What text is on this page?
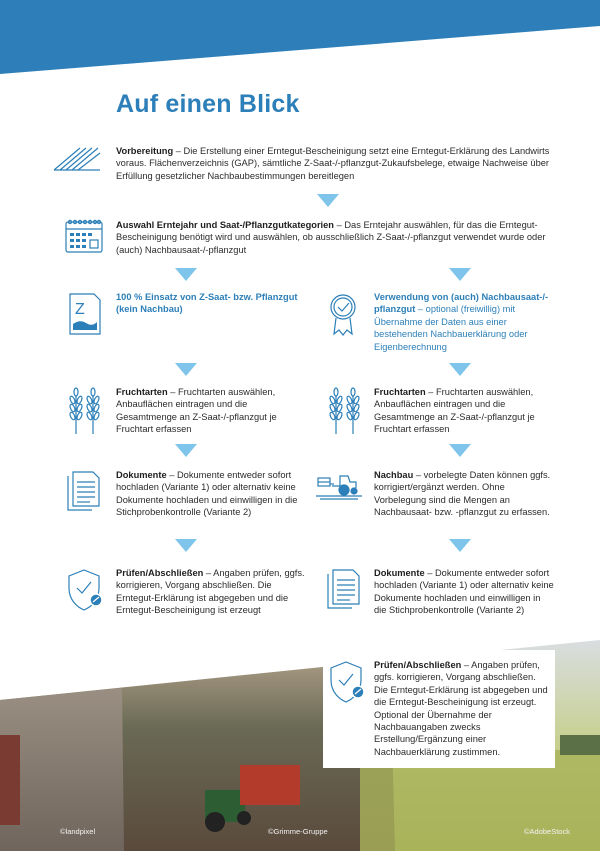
Auf einen Blick
Vorbereitung – Die Erstellung einer Erntegut-Bescheinigung setzt eine Erntegut-Erklärung des Landwirts voraus. Flächenverzeichnis (GAP), sämtliche Z-Saat-/-pflanzgut-Zukaufsbelege, etwaige Nachweise über Erfüllung gesetzlicher Nachbaubestimmungen bereitlegen
Auswahl Erntejahr und Saat-/Pflanzgutkategorien – Das Erntejahr auswählen, für das die Erntegut-Bescheinigung benötigt wird und auswählen, ob ausschließlich Z-Saat-/-pflanzgut verwendet wurde oder (auch) Nachbausaat-/-pflanzgut
Z
100 % Einsatz von Z-Saat- bzw. Pflanzgut (kein Nachbau)
Verwendung von (auch) Nachbausaat-/-pflanzgut – optional (freiwillig) mit Übernahme der Daten aus einer bestehenden Nachbauerklärung oder Eigenberechnung
Fruchtarten – Fruchtarten auswählen, Anbauflächen eintragen und die Gesamtmenge an Z-Saat-/-pflanzgut je Fruchtart erfassen
Fruchtarten – Fruchtarten auswählen, Anbauflächen eintragen und die Gesamtmenge an Z-Saat-/-pflanzgut je Fruchtart erfassen
Dokumente – Dokumente entweder sofort hochladen (Variante 1) oder alternativ keine Dokumente hochladen und einwilligen in die Stichprobenkontrolle (Variante 2)
Nachbau – vorbelegte Daten können ggfs. korrigiert/ergänzt werden. Ohne Vorbelegung sind die Mengen an Nachbausaat- bzw. -pflanzgut zu erfassen.
Prüfen/Abschließen – Angaben prüfen, ggfs. korrigieren, Vorgang abschließen. Die Erntegut-Erklärung ist abgegeben und die Erntegut-Bescheinigung ist erzeugt
Dokumente – Dokumente entweder sofort hochladen (Variante 1) oder alternativ keine Dokumente hochladen und einwilligen in die Stichprobenkontrolle (Variante 2)
Prüfen/Abschließen – Angaben prüfen, ggfs. korrigieren, Vorgang abschließen. Die Erntegut-Erklärung ist abgegeben und die Erntegut-Bescheinigung ist erzeugt. Optional der Übernahme der Nachbauangaben zwecks Erstellung/Ergänzung einer Nachbauerklärung zustimmen.
©landpixel	©Grimme-Gruppe	©AdobeStock
